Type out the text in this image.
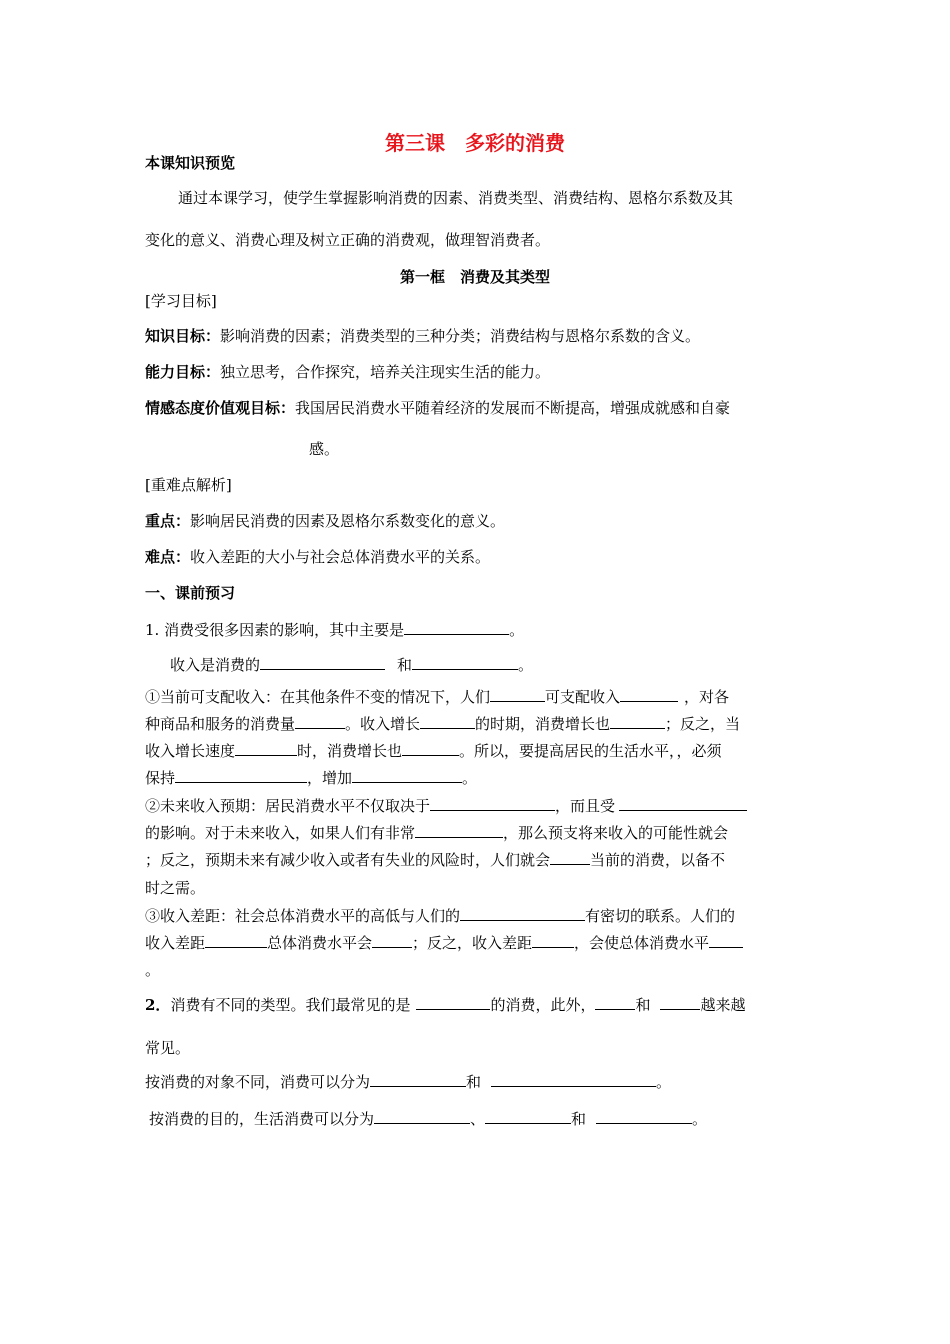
第三课　多彩的消费
本课知识预览
通过本课学习，使学生掌握影响消费的因素、消费类型、消费结构、恩格尔系数及其
变化的意义、消费心理及树立正确的消费观，做理智消费者。
第一框　消费及其类型
[学习目标]
知识目标：影响消费的因素；消费类型的三种分类；消费结构与恩格尔系数的含义。
能力目标：独立思考，合作探究，培养关注现实生活的能力。
情感态度价值观目标：我国居民消费水平随着经济的发展而不断提高，增强成就感和自豪
感。
[重难点解析]
重点：影响居民消费的因素及恩格尔系数变化的意义。
难点：收入差距的大小与社会总体消费水平的关系。
一、课前预习
1. 消费受很多因素的影响，其中主要是	。
收入是消费的	和	。
①当前可支配收入：在其他条件不变的情况下，人们	可支配收入	，对各
种商品和服务的消费量	。收入增长	的时期，消费增长也	；反之，当
收入增长速度	时，消费增长也	。所以，要提高居民的生活水平，，必须
保持	，增加	。
②未来收入预期：居民消费水平不仅取决于	，而且受
的影响。对于未来收入，如果人们有非常	，那么预支将来收入的可能性就会
；反之，预期未来有减少收入或者有失业的风险时，人们就会	当前的消费，以备不
时之需。
③收入差距：社会总体消费水平的高低与人们的	有密切的联系。人们的
收入差距	总体消费水平会	；反之，收入差距	，会使总体消费水平
。
2．消费有不同的类型。我们最常见的是	的消费，此外，	和	越来越
常见。
按消费的对象不同，消费可以分为	和	。
按消费的目的，生活消费可以分为	、	和	。
